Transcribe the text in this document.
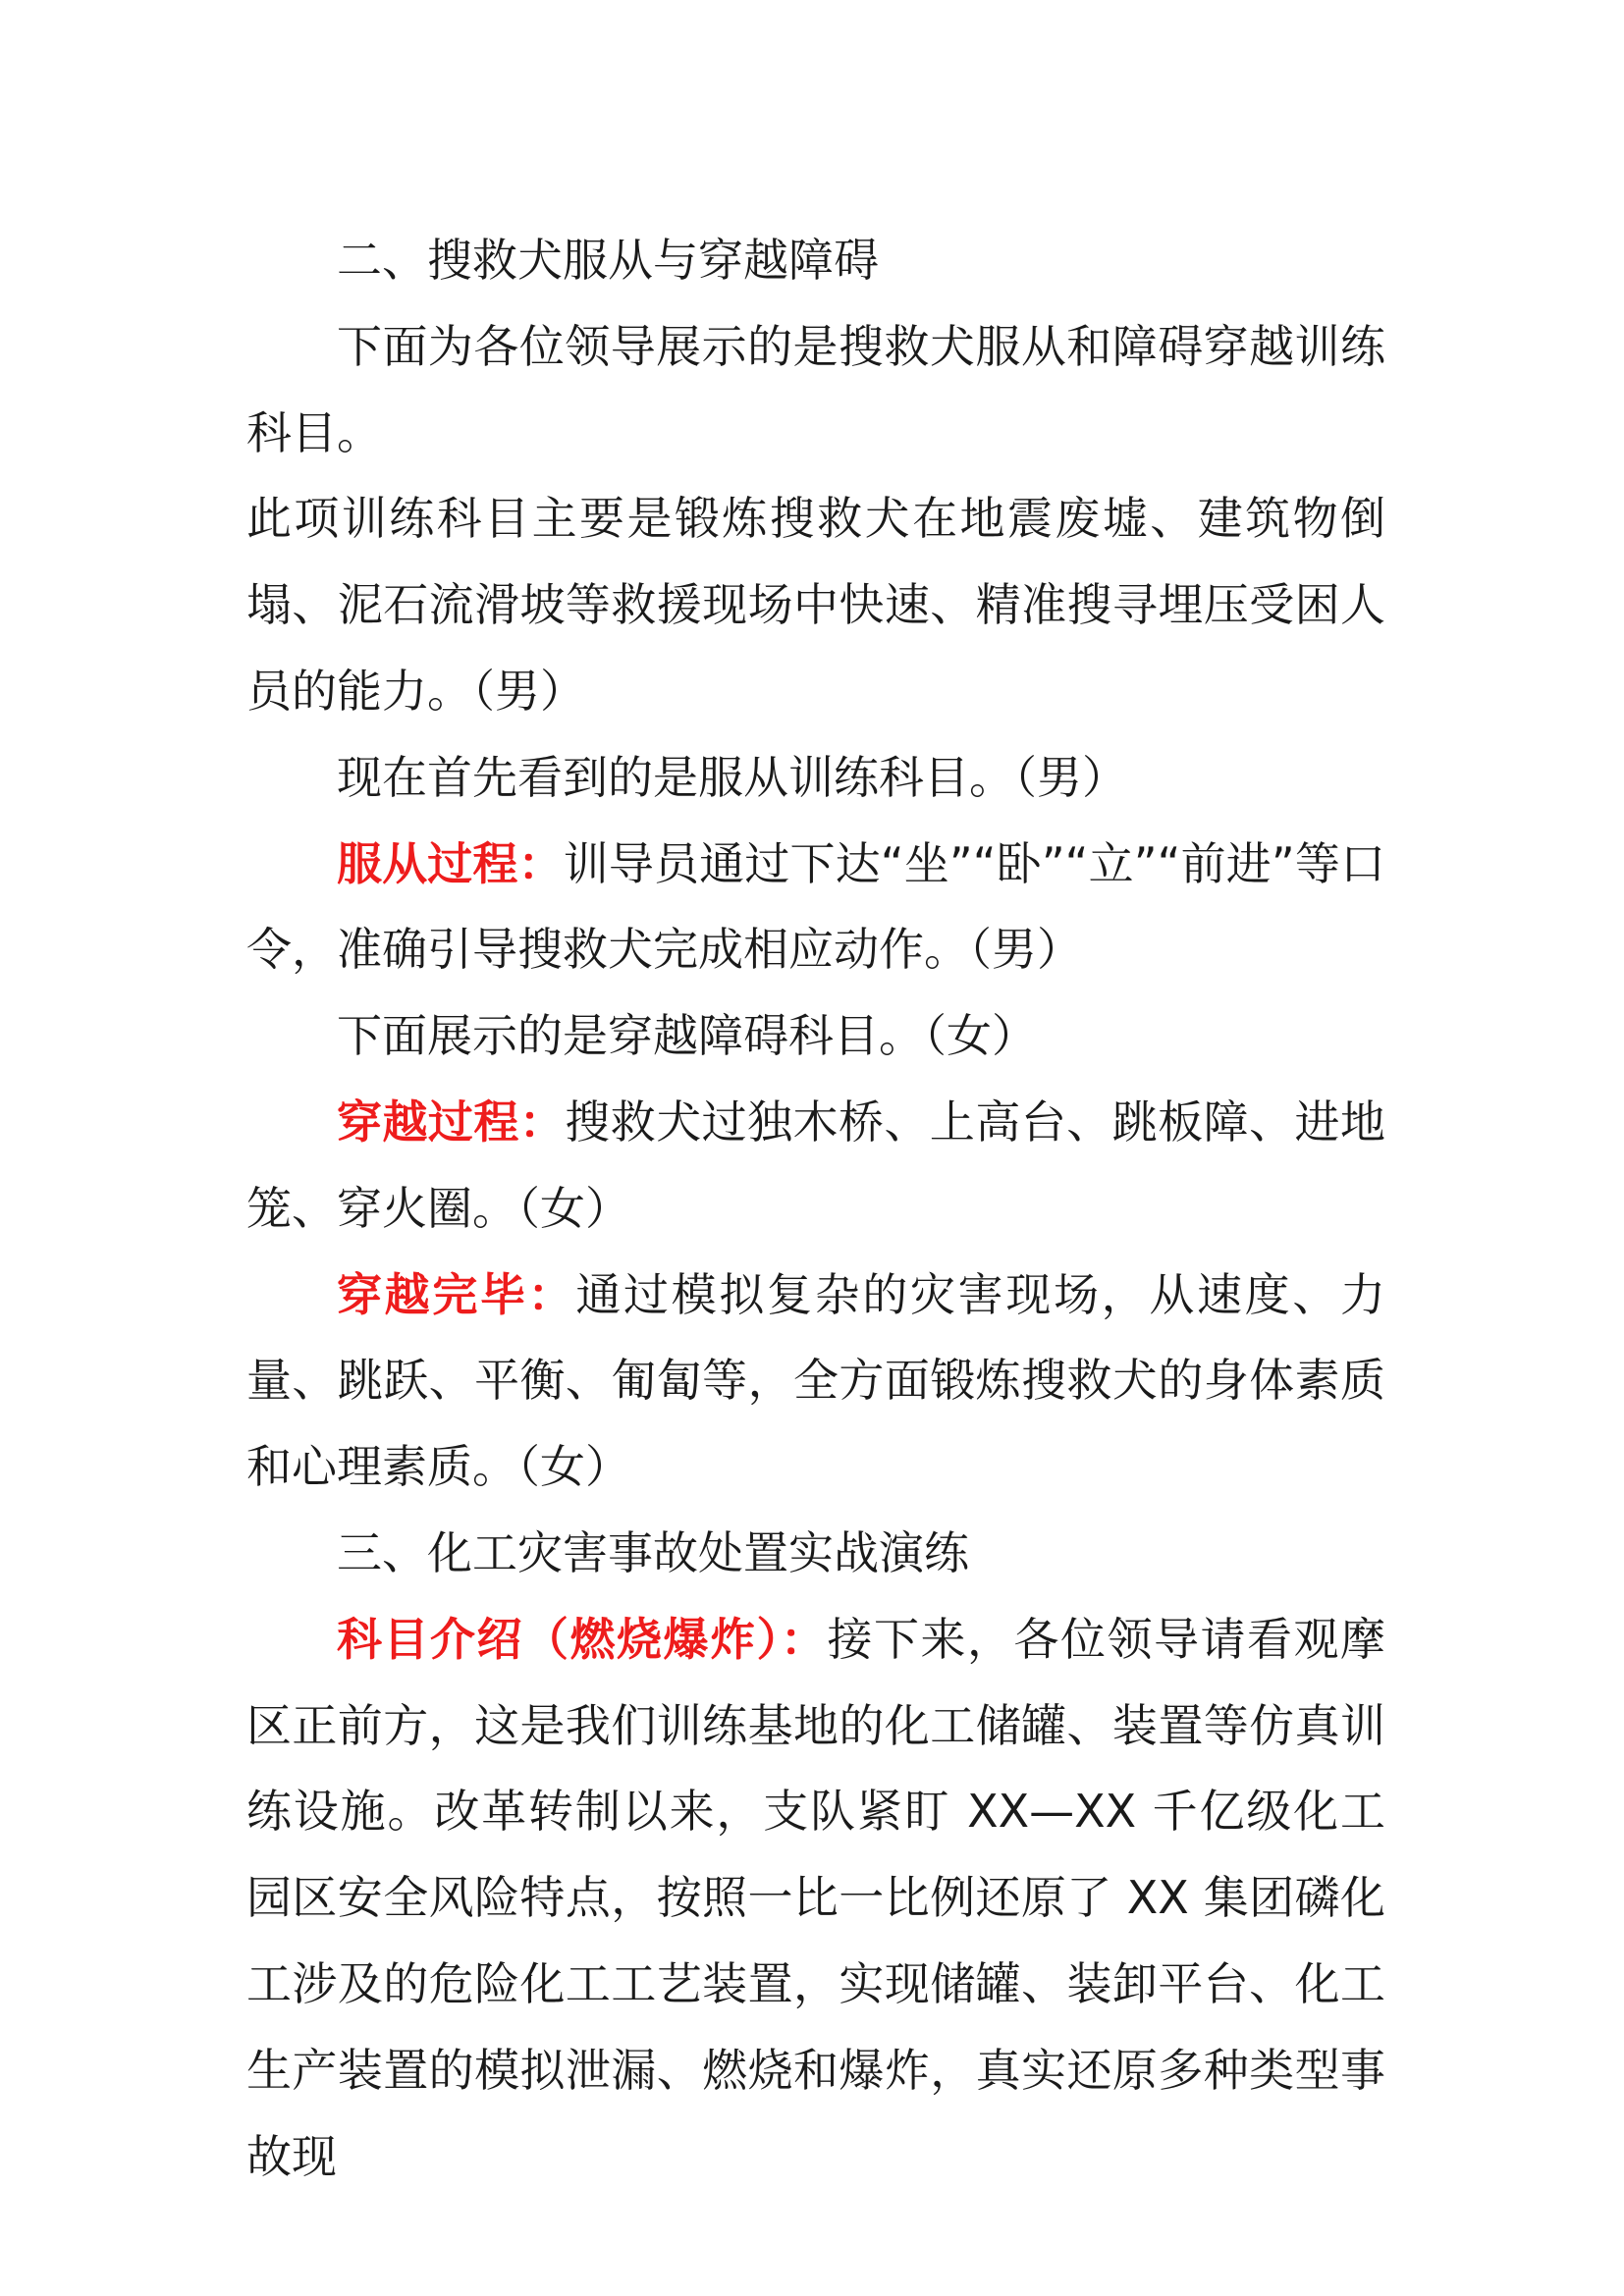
二、搜救犬服从与穿越障碍

下面为各位领导展示的是搜救犬服从和障碍穿越训练科目。

此项训练科目主要是锻炼搜救犬在地震废墟、建筑物倒塌、泥石流滑坡等救援现场中快速、精准搜寻埋压受困人员的能力。（男）

现在首先看到的是服从训练科目。（男）

服从过程：训导员通过下达“坐”“卧”“立”“前进”等口令，准确引导搜救犬完成相应动作。（男）

下面展示的是穿越障碍科目。（女）

穿越过程：搜救犬过独木桥、上高台、跳板障、进地笼、穿火圈。（女）

穿越完毕：通过模拟复杂的灾害现场，从速度、力量、跳跃、平衡、匍匐等，全方面锻炼搜救犬的身体素质和心理素质。（女）

三、化工灾害事故处置实战演练

科目介绍（燃烧爆炸）：接下来，各位领导请看观摩区正前方，这是我们训练基地的化工储罐、装置等仿真训练设施。改革转制以来，支队紧盯 XX—XX 千亿级化工园区安全风险特点，按照一比一比例还原了 XX 集团磷化工涉及的危险化工工艺装置，实现储罐、装卸平台、化工生产装置的模拟泄漏、燃烧和爆炸，真实还原多种类型事故现
